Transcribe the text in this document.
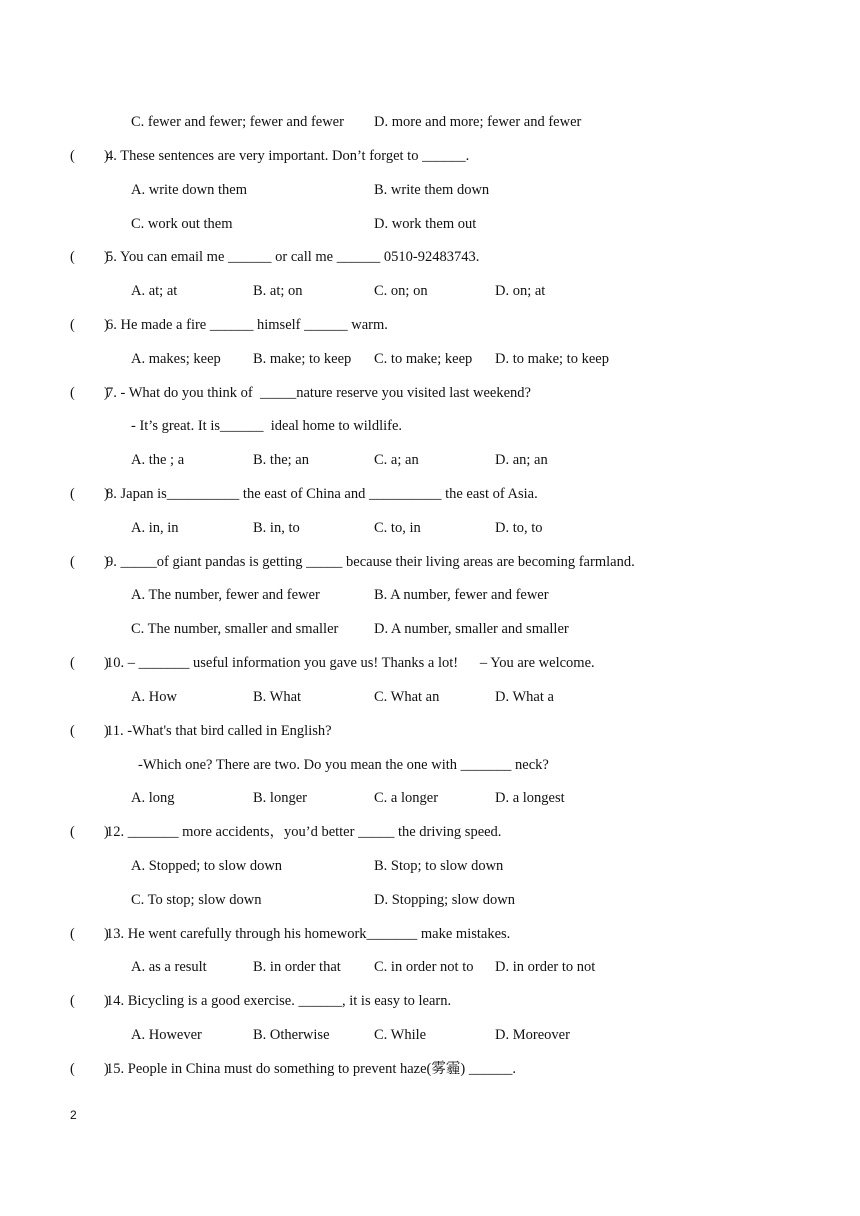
C. fewer and fewer; fewer and fewer D. more and more; fewer and fewer
(        )
4. These sentences are very important. Don’t forget to ______.
A. write down them	B. write them down
C. work out them	D. work them out
(        )
5. You can email me ______ or call me ______ 0510-92483743.
A. at; at	B. at; on	C. on; on	D. on; at
(        )
6. He made a fire ______ himself ______ warm.
A. makes; keep B. make; to keep C. to make; keep D. to make; to keep
(        )
7. - What do you think of  _____nature reserve you visited last weekend?
- It’s great. It is______  ideal home to wildlife.
A. the ; a	B. the; an	C. a; an	D. an; an
(        )
8. Japan is__________ the east of China and __________ the east of Asia.
A. in, in	B. in, to	C. to, in	D. to, to
(        )
9. _____of giant pandas is getting _____ because their living areas are becoming farmland.
A. The number, fewer and fewer	B. A number, fewer and fewer
C. The number, smaller and smaller D. A number, smaller and smaller
(        )
10. – _______ useful information you gave us! Thanks a lot!      – You are welcome.
A. How	B. What	C. What an	D. What a
(        )
11. -What's that bird called in English?
-Which one? There are two. Do you mean the one with _______ neck?
A. long	B. longer	C. a longer	D. a longest
(        )
12. _______ more accidents，you’d better _____ the driving speed.
A. Stopped; to slow down	B. Stop; to slow down
C. To stop; slow down	D. Stopping; slow down
(        )
13. He went carefully through his homework_______ make mistakes.
A. as a result	B. in order that C. in order not to D. in order to not
(        )
14. Bicycling is a good exercise. ______, it is easy to learn.
A. However	B. Otherwise	C. While	D. Moreover
(        )
15. People in China must do something to prevent haze(雾霾) ______.
2
